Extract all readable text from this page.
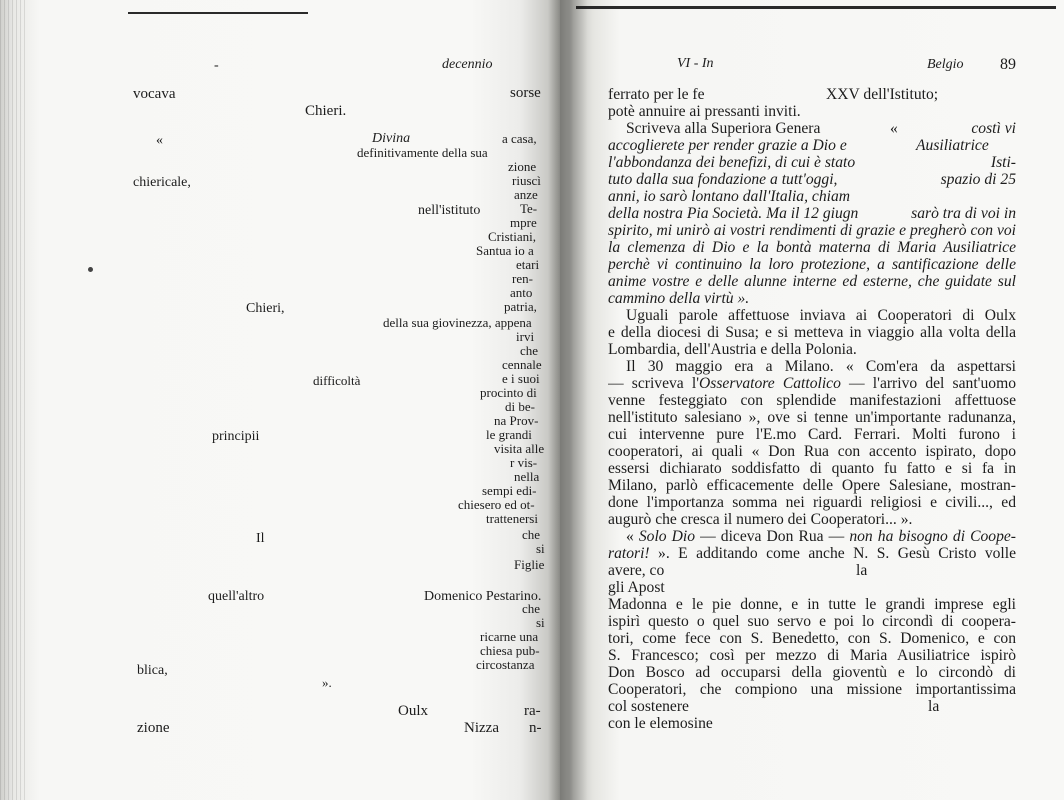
-	decennio
vocava	sorse
Chieri.
«	Divina	a casa,
definitivamente della sua
zione
chiericale,	riuscì
anze
nell'istituto	Te-
mpre
Cristiani,
Santua io a
etari
ren-
anto
Chieri,	patria,
della sua giovinezza, appena
irvi
che
cennale
difficoltà	e i suoi
procinto di
di be-
na Prov-
principii	le grandi
visita alle
r vis-
nella
sempi edi-
chiesero ed ot-
trattenersi
Il	che
si
Figlie
quell'altro	Domenico Pestarino.
che
si
ricarne una
chiesa pub-
circostanza
blica,
».
Oulx	ra-
zione	Nizza n-
VI - In	Belgio 89
ferrato per le fe	XXV dell'Istituto;
potè annuire ai pressanti inviti.
Scriveva alla Superiora Genera	«	costì vi
accoglierete per render grazie a Dio e	Ausiliatrice
l'abbondanza dei benefizi, di cui è stato	Isti-
tuto dalla sua fondazione a tutt'oggi,	spazio di 25
anni, io sarò lontano dall'Italia, chiam
della nostra Pia Società. Ma il 12 giugn	sarò tra di voi in
spirito, mi unirò ai vostri rendimenti di grazie e pregherò con voi
la clemenza di Dio e la bontà materna di Maria Ausiliatrice
perchè vi continuino la loro protezione, a santificazione delle
anime vostre e delle alunne interne ed esterne, che guidate sul
cammino della virtù ».
Uguali parole affettuose inviava ai Cooperatori di Oulx
e della diocesi di Susa; e si metteva in viaggio alla volta della
Lombardia, dell'Austria e della Polonia.
Il 30 maggio era a Milano. « Com'era da aspettarsi
— scriveva l'Osservatore Cattolico — l'arrivo del sant'uomo
venne festeggiato con splendide manifestazioni affettuose
nell'istituto salesiano », ove si tenne un'importante radunanza,
cui intervenne pure l'E.mo Card. Ferrari. Molti furono i
cooperatori, ai quali « Don Rua con accento ispirato, dopo
essersi dichiarato soddisfatto di quanto fu fatto e si fa in
Milano, parlò efficacemente delle Opere Salesiane, mostran-
done l'importanza somma nei riguardi religiosi e civili..., ed
augurò che cresca il numero dei Cooperatori... ».
« Solo Dio — diceva Don Rua — non ha bisogno di Coope-
ratori! ». E additando come anche N. S. Gesù Cristo volle
avere, co	la
gli Apost
Madonna e le pie donne, e in tutte le grandi imprese egli
ispirì questo o quel suo servo e poi lo circondì di coopera-
tori, come fece con S. Benedetto, con S. Domenico, e con
S. Francesco; così per mezzo di Maria Ausiliatrice ispirò
Don Bosco ad occuparsi della gioventù e lo circondò di
Cooperatori, che compiono una missione importantissima
col sostenere	la
con le elemosine
